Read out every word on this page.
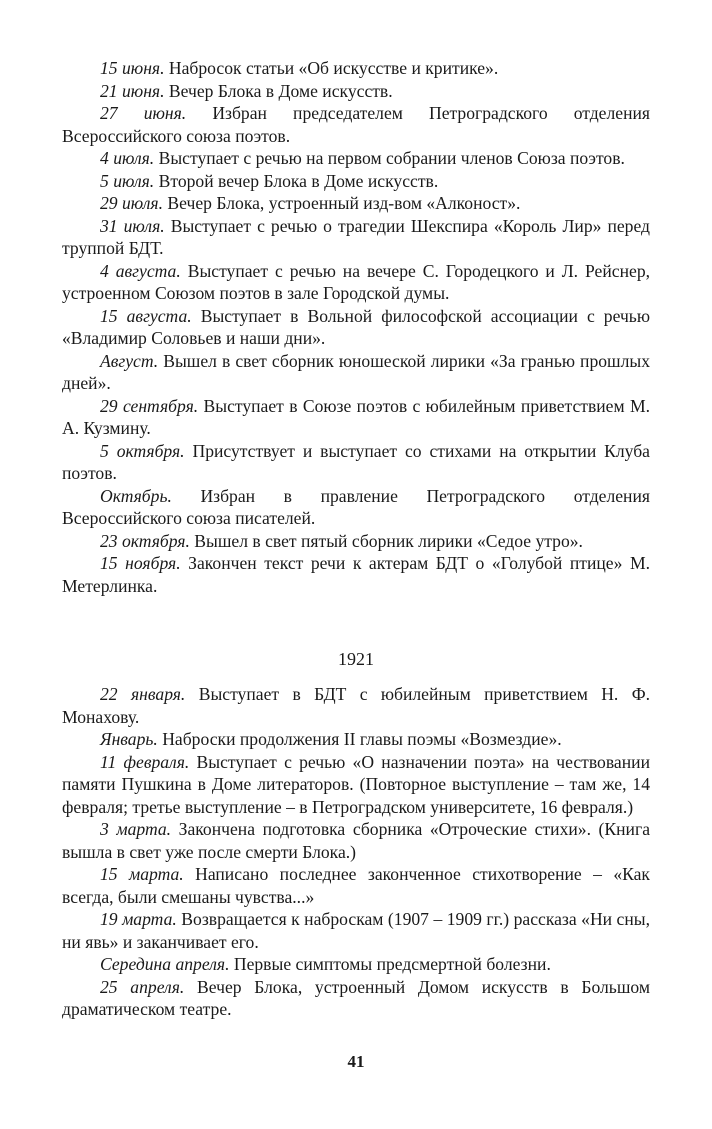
15 июня. Набросок статьи «Об искусстве и критике».

21 июня. Вечер Блока в Доме искусств.

27 июня. Избран председателем Петроградского отделения Всероссийского союза поэтов.

4 июля. Выступает с речью на первом собрании членов Союза поэтов.

5 июля. Второй вечер Блока в Доме искусств.

29 июля. Вечер Блока, устроенный изд-вом «Алконост».

31 июля. Выступает с речью о трагедии Шекспира «Король Лир» перед труппой БДТ.

4 августа. Выступает с речью на вечере С. Городецкого и Л. Рейснер, устроенном Союзом поэтов в зале Городской думы.

15 августа. Выступает в Вольной философской ассоциации с речью «Владимир Соловьев и наши дни».

Август. Вышел в свет сборник юношеской лирики «За гранью прошлых дней».

29 сентября. Выступает в Союзе поэтов с юбилейным приветствием М. А. Кузмину.

5 октября. Присутствует и выступает со стихами на открытии Клуба поэтов.

Октябрь. Избран в правление Петроградского отделения Всероссийского союза писателей.

23 октября. Вышел в свет пятый сборник лирики «Седое утро».

15 ноября. Закончен текст речи к актерам БДТ о «Голубой птице» М. Метерлинка.

1921

22 января. Выступает в БДТ с юбилейным приветствием Н. Ф. Монахову.

Январь. Наброски продолжения II главы поэмы «Возмездие».

11 февраля. Выступает с речью «О назначении поэта» на чествовании памяти Пушкина в Доме литераторов. (Повторное выступление – там же, 14 февраля; третье выступление – в Петроградском университете, 16 февраля.)

3 марта. Закончена подготовка сборника «Отроческие стихи». (Книга вышла в свет уже после смерти Блока.)

15 марта. Написано последнее законченное стихотворение – «Как всегда, были смешаны чувства...»

19 марта. Возвращается к наброскам (1907 – 1909 гг.) рассказа «Ни сны, ни явь» и заканчивает его.

Середина апреля. Первые симптомы предсмертной болезни.

25 апреля. Вечер Блока, устроенный Домом искусств в Большом драматическом театре.

41
